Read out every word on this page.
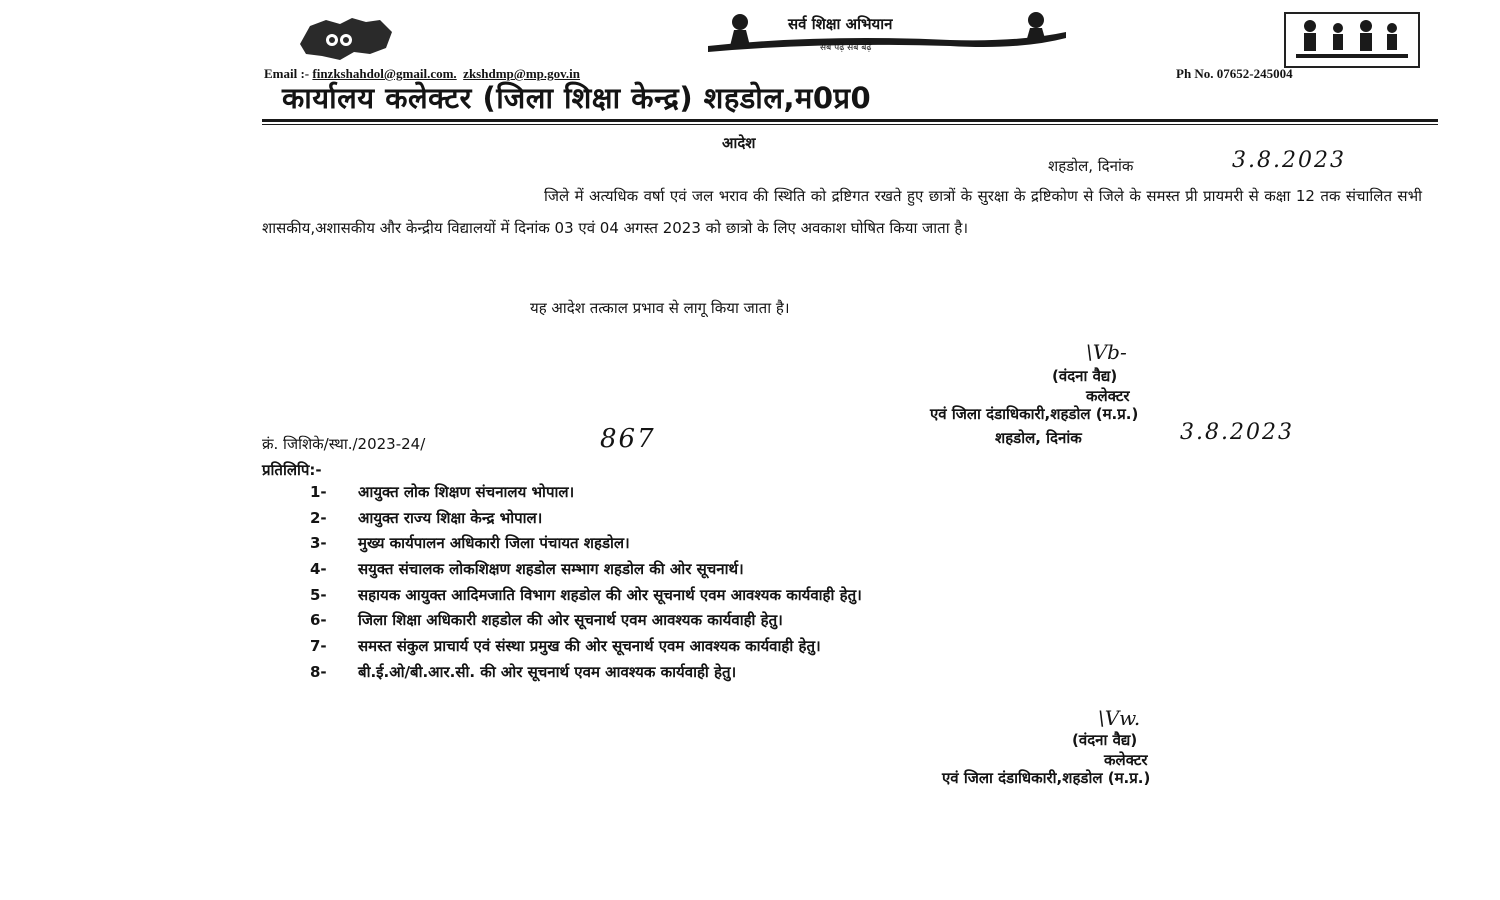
सर्व शिक्षा अभियान
सब पढ़ें सब बढ़ें
Email :- finzkshahdol@gmail.com. zkshdmp@mp.gov.in	Ph No. 07652-245004
कार्यालय कलेक्टर (जिला शिक्षा केन्द्र) शहडोल,म0प्र0
आदेश
शहडोल, दिनांक	3.8.2023
जिले में अत्यधिक वर्षा एवं जल भराव की स्थिति को द्रष्टिगत रखते हुए छात्रों के सुरक्षा के द्रष्टिकोण से जिले के समस्त प्री प्रायमरी से कक्षा 12 तक संचालित सभी शासकीय,अशासकीय और केन्द्रीय विद्यालयों में दिनांक 03 एवं 04 अगस्त 2023 को छात्रो के लिए अवकाश घोषित किया जाता है।
यह आदेश तत्काल प्रभाव से लागू किया जाता है।
\Vb-
(वंदना वैद्य)
कलेक्टर
एवं जिला दंडाधिकारी,शहडोल (म.प्र.)
क्रं. जिशिके/स्था./2023-24/	867	शहडोल, दिनांक	3.8.2023
प्रतिलिपि:-
1- आयुक्त लोक शिक्षण संचनालय भोपाल।
2- आयुक्त राज्य शिक्षा केन्द्र भोपाल।
3- मुख्य कार्यपालन अधिकारी जिला पंचायत शहडोल।
4- सयुक्त संचालक लोकशिक्षण शहडोल सम्भाग शहडोल की ओर सूचनार्थ।
5- सहायक आयुक्त आदिमजाति विभाग शहडोल की ओर सूचनार्थ एवम आवश्यक कार्यवाही हेतु।
6- जिला शिक्षा अधिकारी शहडोल की ओर सूचनार्थ एवम आवश्यक कार्यवाही हेतु।
7- समस्त संकुल प्राचार्य एवं संस्था प्रमुख की ओर सूचनार्थ एवम आवश्यक कार्यवाही हेतु।
8- बी.ई.ओ/बी.आर.सी. की ओर सूचनार्थ एवम आवश्यक कार्यवाही हेतु।
\Vw.
(वंदना वैद्य)
कलेक्टर
एवं जिला दंडाधिकारी,शहडोल (म.प्र.)
